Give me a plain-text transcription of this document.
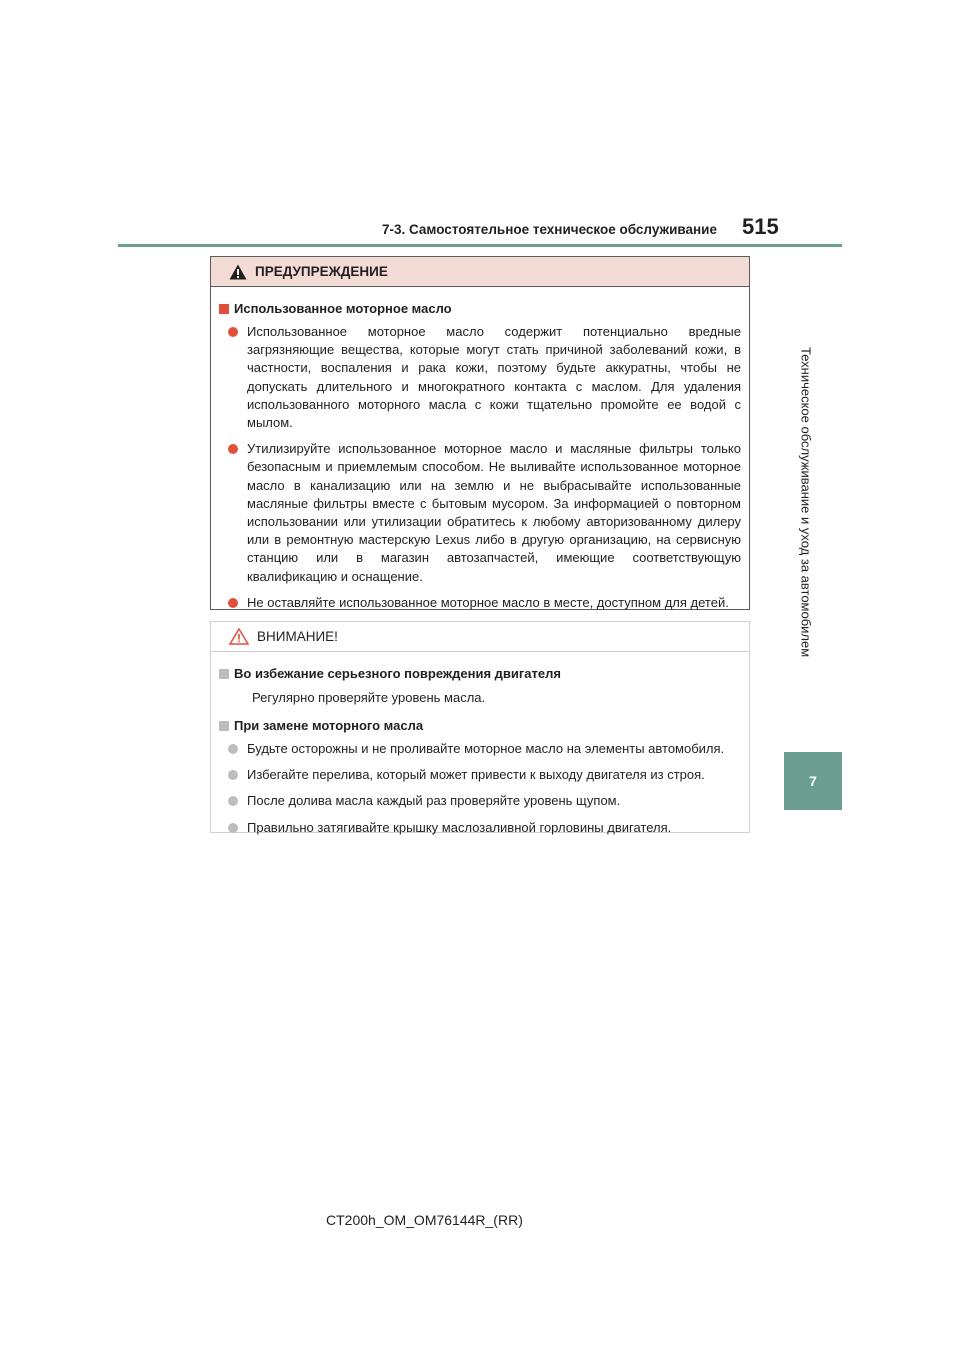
7-3. Самостоятельное техническое обслуживание 515
Техническое обслуживание и уход за автомобилем
7
ПРЕДУПРЕЖДЕНИЕ
Использованное моторное масло
Использованное моторное масло содержит потенциально вредные загрязняющие вещества, которые могут стать причиной заболеваний кожи, в частности, воспаления и рака кожи, поэтому будьте аккуратны, чтобы не допускать длительного и многократного контакта с маслом. Для удаления использованного моторного масла с кожи тщательно промойте ее водой с мылом.
Утилизируйте использованное моторное масло и масляные фильтры только безопасным и приемлемым способом. Не выливайте использованное моторное масло в канализацию или на землю и не выбрасывайте использованные масляные фильтры вместе с бытовым мусором. За информацией о повторном использовании или утилизации обратитесь к любому авторизованному дилеру или в ремонтную мастерскую Lexus либо в другую организацию, на сервисную станцию или в магазин автозапчастей, имеющие соответствующую квалификацию и оснащение.
Не оставляйте использованное моторное масло в месте, доступном для детей.
ВНИМАНИЕ!
Во избежание серьезного повреждения двигателя
Регулярно проверяйте уровень масла.
При замене моторного масла
Будьте осторожны и не проливайте моторное масло на элементы автомобиля.
Избегайте перелива, который может привести к выходу двигателя из строя.
После долива масла каждый раз проверяйте уровень щупом.
Правильно затягивайте крышку маслозаливной горловины двигателя.
CT200h_OM_OM76144R_(RR)
